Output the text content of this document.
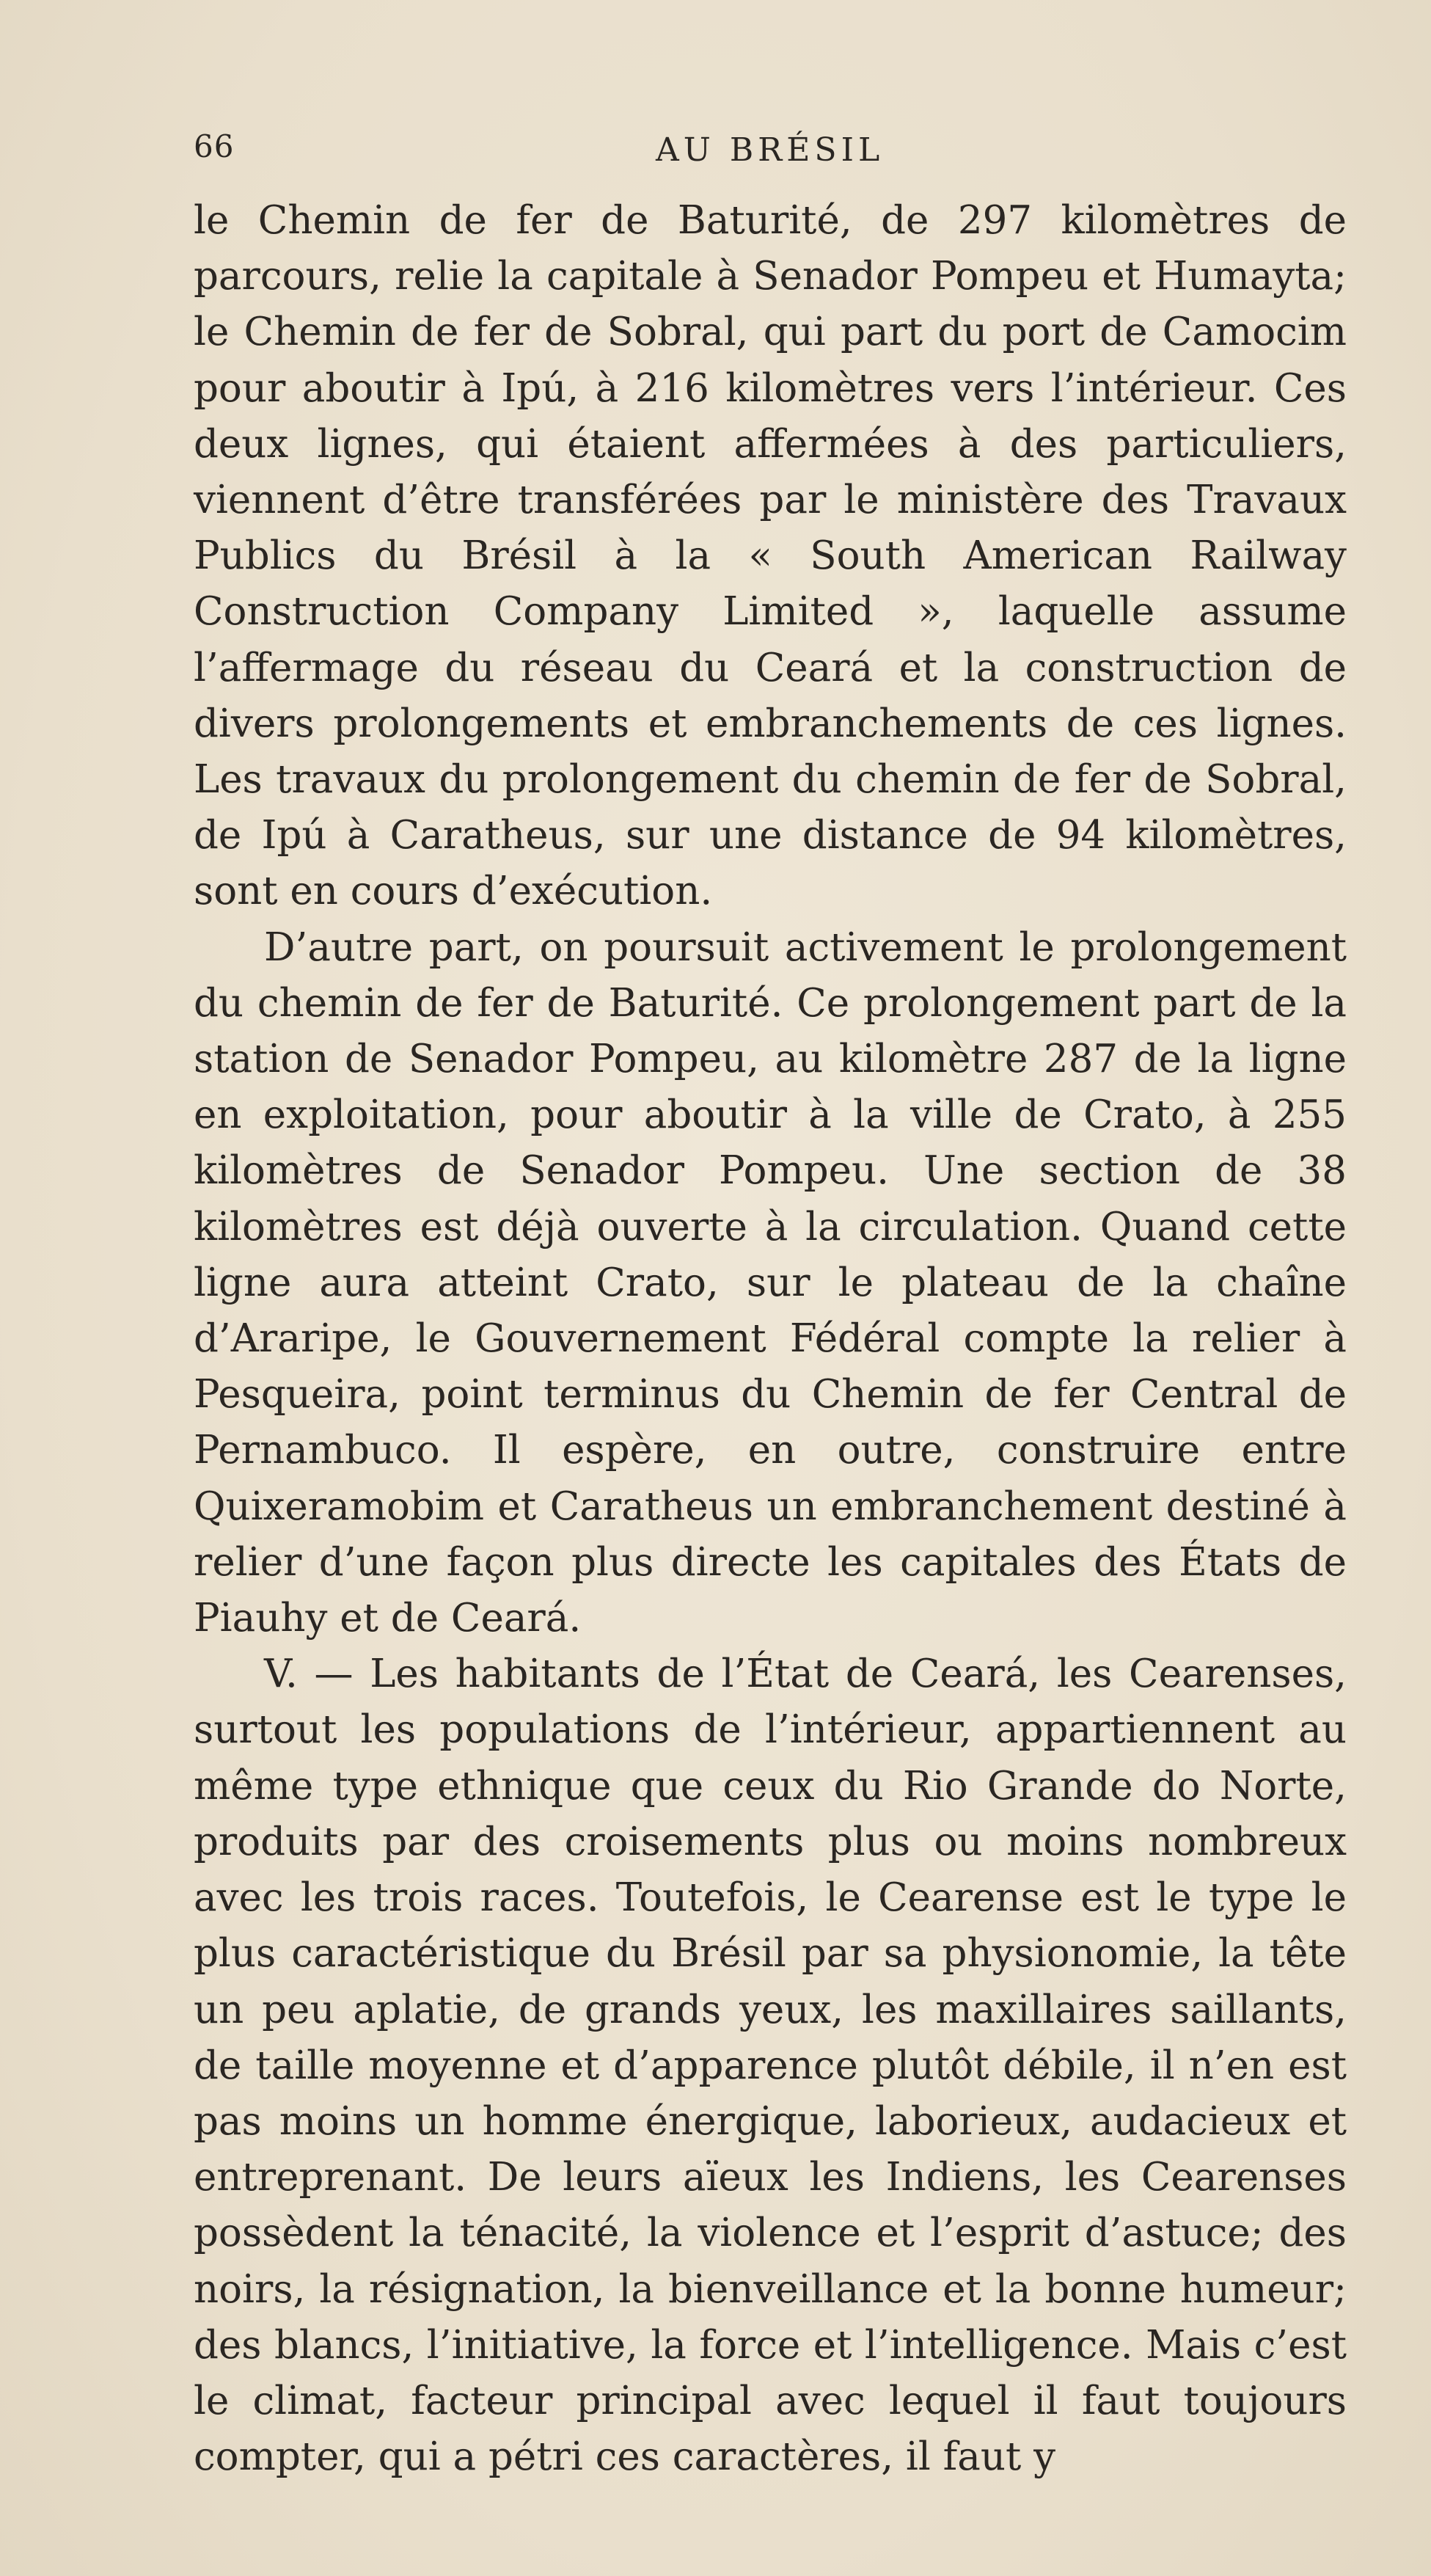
66	AU BRÉSIL

le Chemin de fer de Baturité, de 297 kilomètres de parcours, relie la capitale à Senador Pompeu et Humayta; le Chemin de fer de Sobral, qui part du port de Camocim pour aboutir à Ipú, à 216 kilomètres vers l’intérieur. Ces deux lignes, qui étaient affermées à des particuliers, viennent d’être transférées par le ministère des Travaux Publics du Brésil à la « South American Railway Construction Company Limited », laquelle assume l’affermage du réseau du Ceará et la construction de divers prolongements et embranchements de ces lignes. Les travaux du prolongement du chemin de fer de Sobral, de Ipú à Caratheus, sur une distance de 94 kilomètres, sont en cours d’exécution.

D’autre part, on poursuit activement le prolongement du chemin de fer de Baturité. Ce prolongement part de la station de Senador Pompeu, au kilomètre 287 de la ligne en exploitation, pour aboutir à la ville de Crato, à 255 kilomètres de Senador Pompeu. Une section de 38 kilomètres est déjà ouverte à la circulation. Quand cette ligne aura atteint Crato, sur le plateau de la chaîne d’Araripe, le Gouvernement Fédéral compte la relier à Pesqueira, point terminus du Chemin de fer Central de Pernambuco. Il espère, en outre, construire entre Quixeramobim et Caratheus un embranchement destiné à relier d’une façon plus directe les capitales des États de Piauhy et de Ceará.

V. — Les habitants de l’État de Ceará, les Cearenses, surtout les populations de l’intérieur, appartiennent au même type ethnique que ceux du Rio Grande do Norte, produits par des croisements plus ou moins nombreux avec les trois races. Toutefois, le Cearense est le type le plus caractéristique du Brésil par sa physionomie, la tête un peu aplatie, de grands yeux, les maxillaires saillants, de taille moyenne et d’apparence plutôt débile, il n’en est pas moins un homme énergique, laborieux, audacieux et entreprenant. De leurs aïeux les Indiens, les Cearenses possèdent la ténacité, la violence et l’esprit d’astuce; des noirs, la résignation, la bienveillance et la bonne humeur; des blancs, l’initiative, la force et l’intelligence. Mais c’est le climat, facteur principal avec lequel il faut toujours compter, qui a pétri ces caractères, il faut y
